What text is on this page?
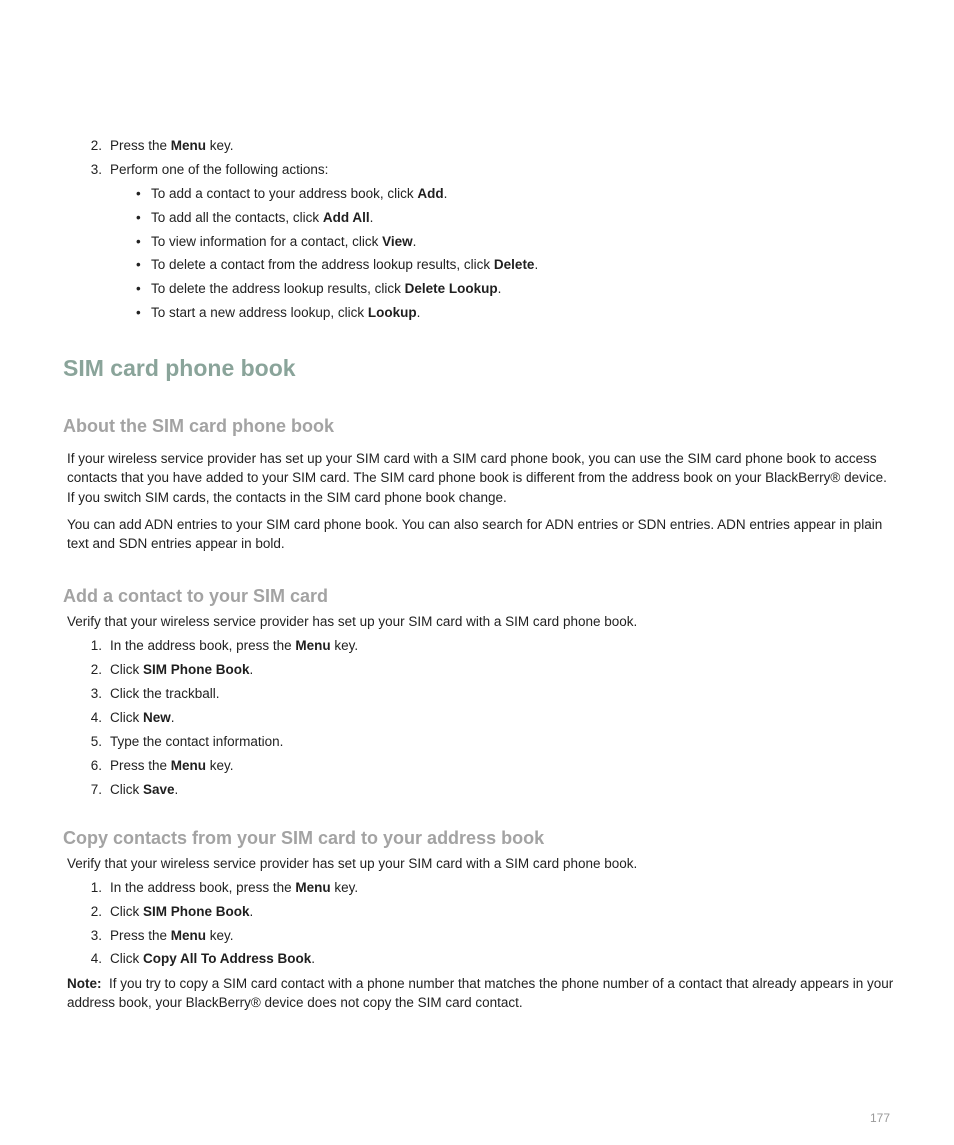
2. Press the Menu key.
3. Perform one of the following actions:
• To add a contact to your address book, click Add.
• To add all the contacts, click Add All.
• To view information for a contact, click View.
• To delete a contact from the address lookup results, click Delete.
• To delete the address lookup results, click Delete Lookup.
• To start a new address lookup, click Lookup.
SIM card phone book
About the SIM card phone book
If your wireless service provider has set up your SIM card with a SIM card phone book, you can use the SIM card phone book to access contacts that you have added to your SIM card. The SIM card phone book is different from the address book on your BlackBerry® device. If you switch SIM cards, the contacts in the SIM card phone book change.
You can add ADN entries to your SIM card phone book. You can also search for ADN entries or SDN entries. ADN entries appear in plain text and SDN entries appear in bold.
Add a contact to your SIM card
Verify that your wireless service provider has set up your SIM card with a SIM card phone book.
1. In the address book, press the Menu key.
2. Click SIM Phone Book.
3. Click the trackball.
4. Click New.
5. Type the contact information.
6. Press the Menu key.
7. Click Save.
Copy contacts from your SIM card to your address book
Verify that your wireless service provider has set up your SIM card with a SIM card phone book.
1. In the address book, press the Menu key.
2. Click SIM Phone Book.
3. Press the Menu key.
4. Click Copy All To Address Book.
Note: If you try to copy a SIM card contact with a phone number that matches the phone number of a contact that already appears in your address book, your BlackBerry® device does not copy the SIM card contact.
177
